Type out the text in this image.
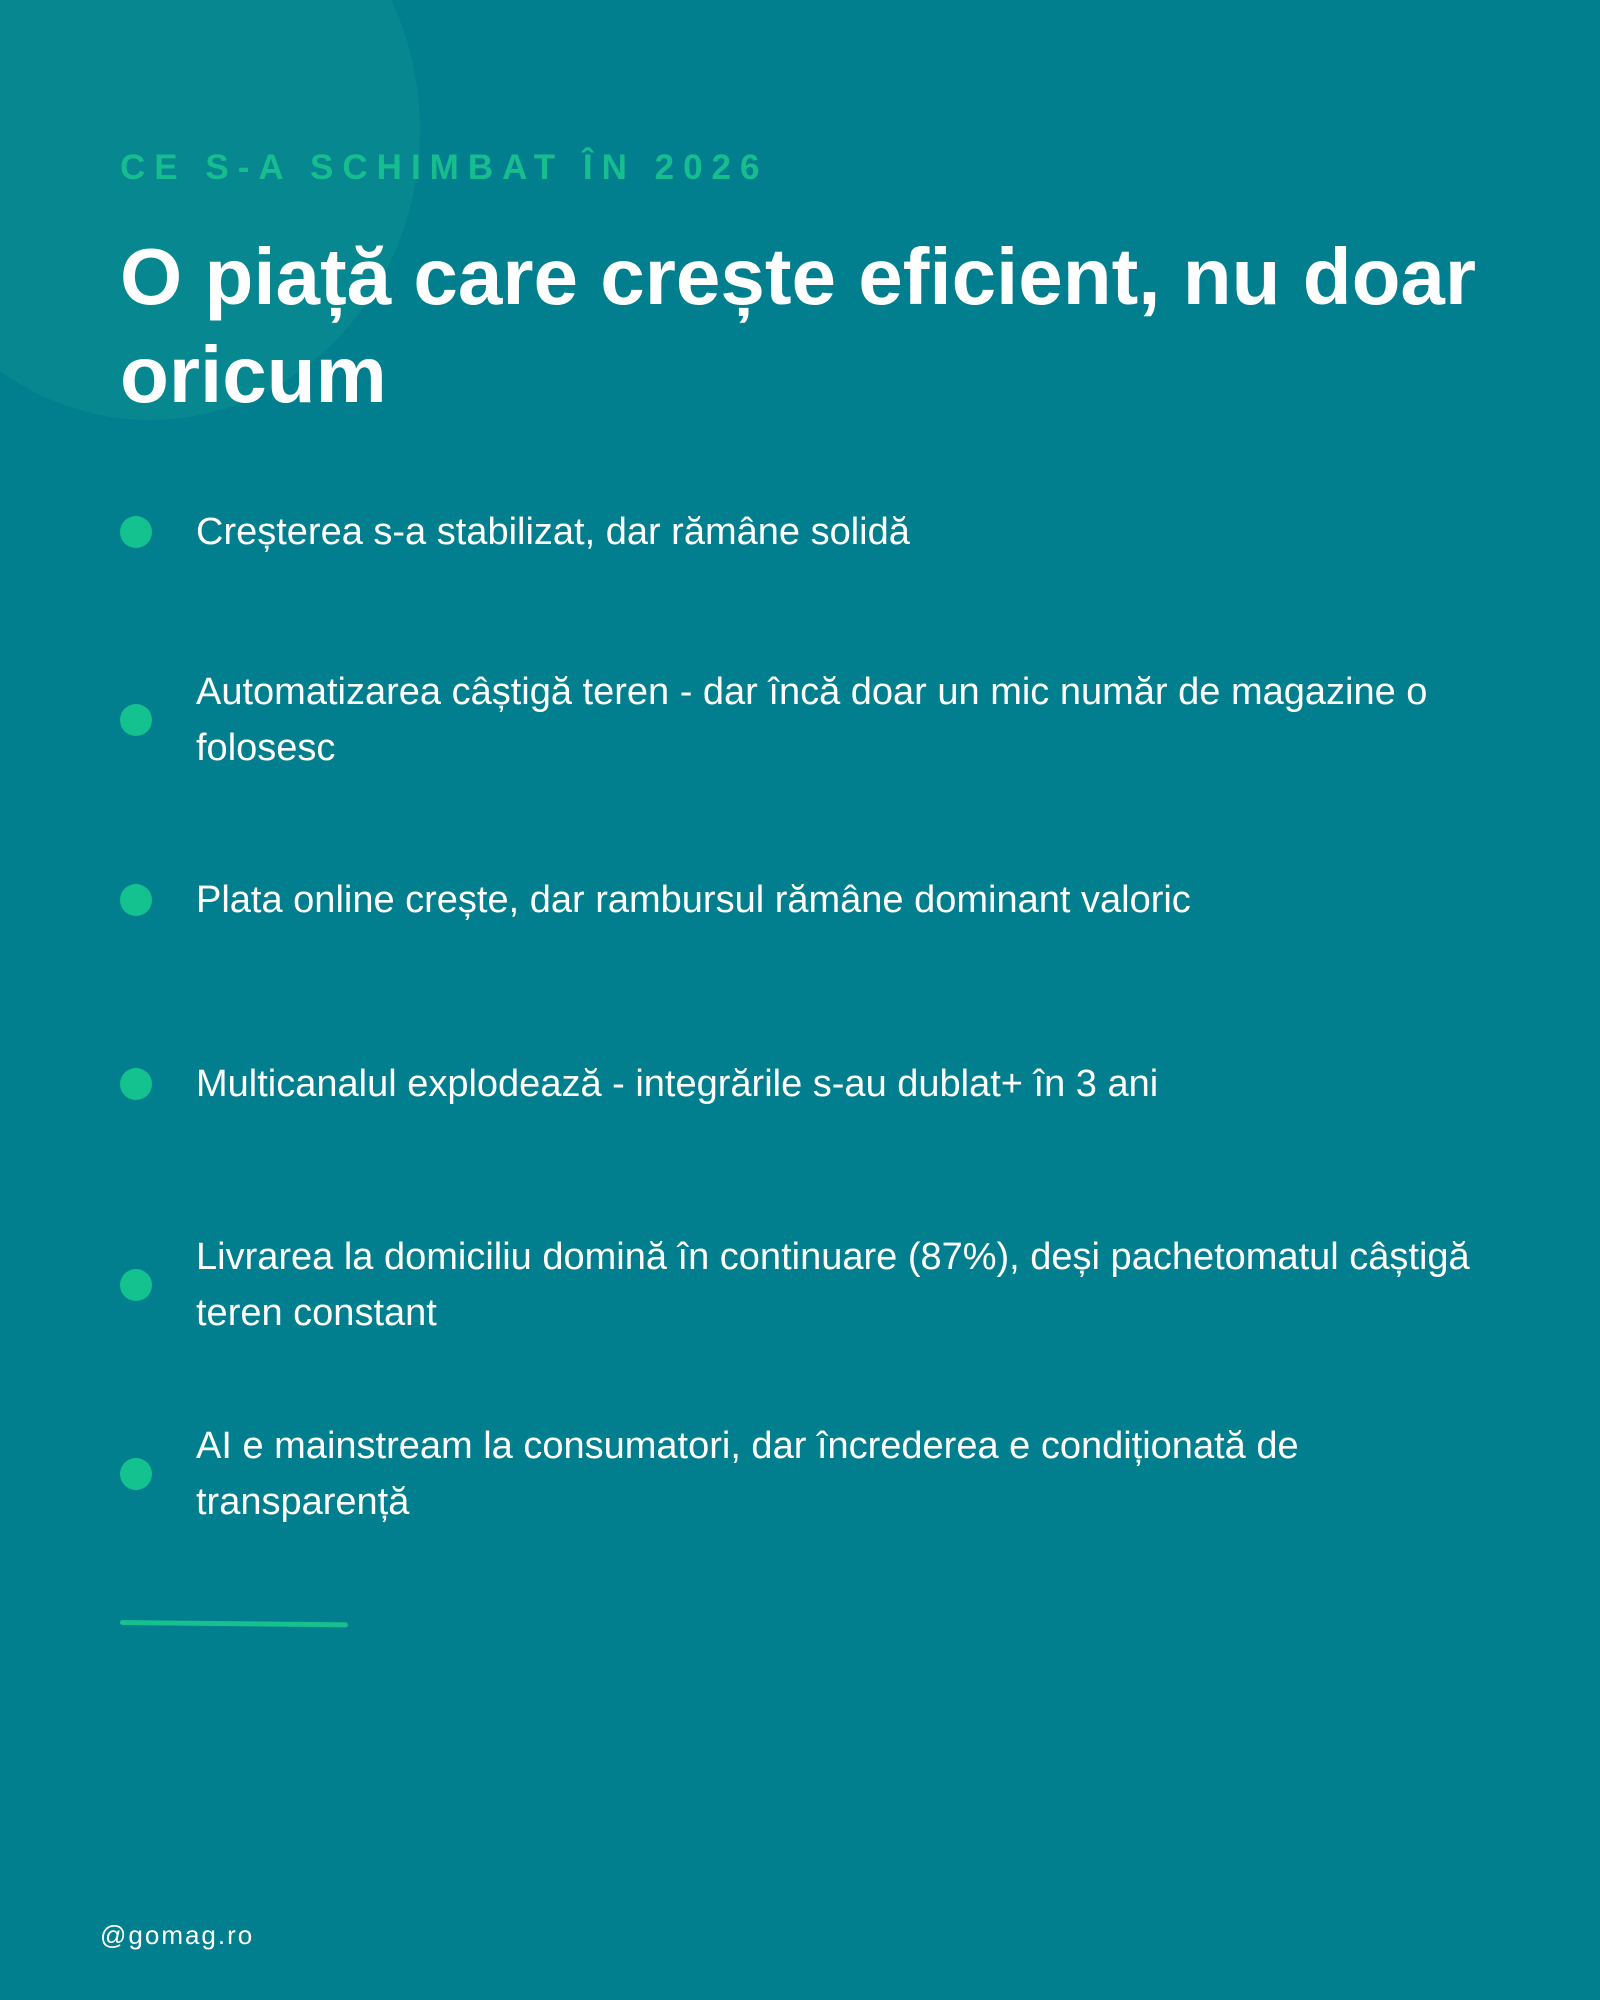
CE S-A SCHIMBAT ÎN 2026

O piață care crește eficient, nu doar oricum
Creșterea s-a stabilizat, dar rămâne solidă
Automatizarea câștigă teren - dar încă doar un mic număr de magazine o folosesc
Plata online crește, dar rambursul rămâne dominant valoric
Multicanalul explodează - integrările s-au dublat+ în 3 ani
Livrarea la domiciliu domină în continuare (87%), deși pachetomatul câștigă teren constant
AI e mainstream la consumatori, dar încrederea e condiționată de transparență

@gomag.ro
